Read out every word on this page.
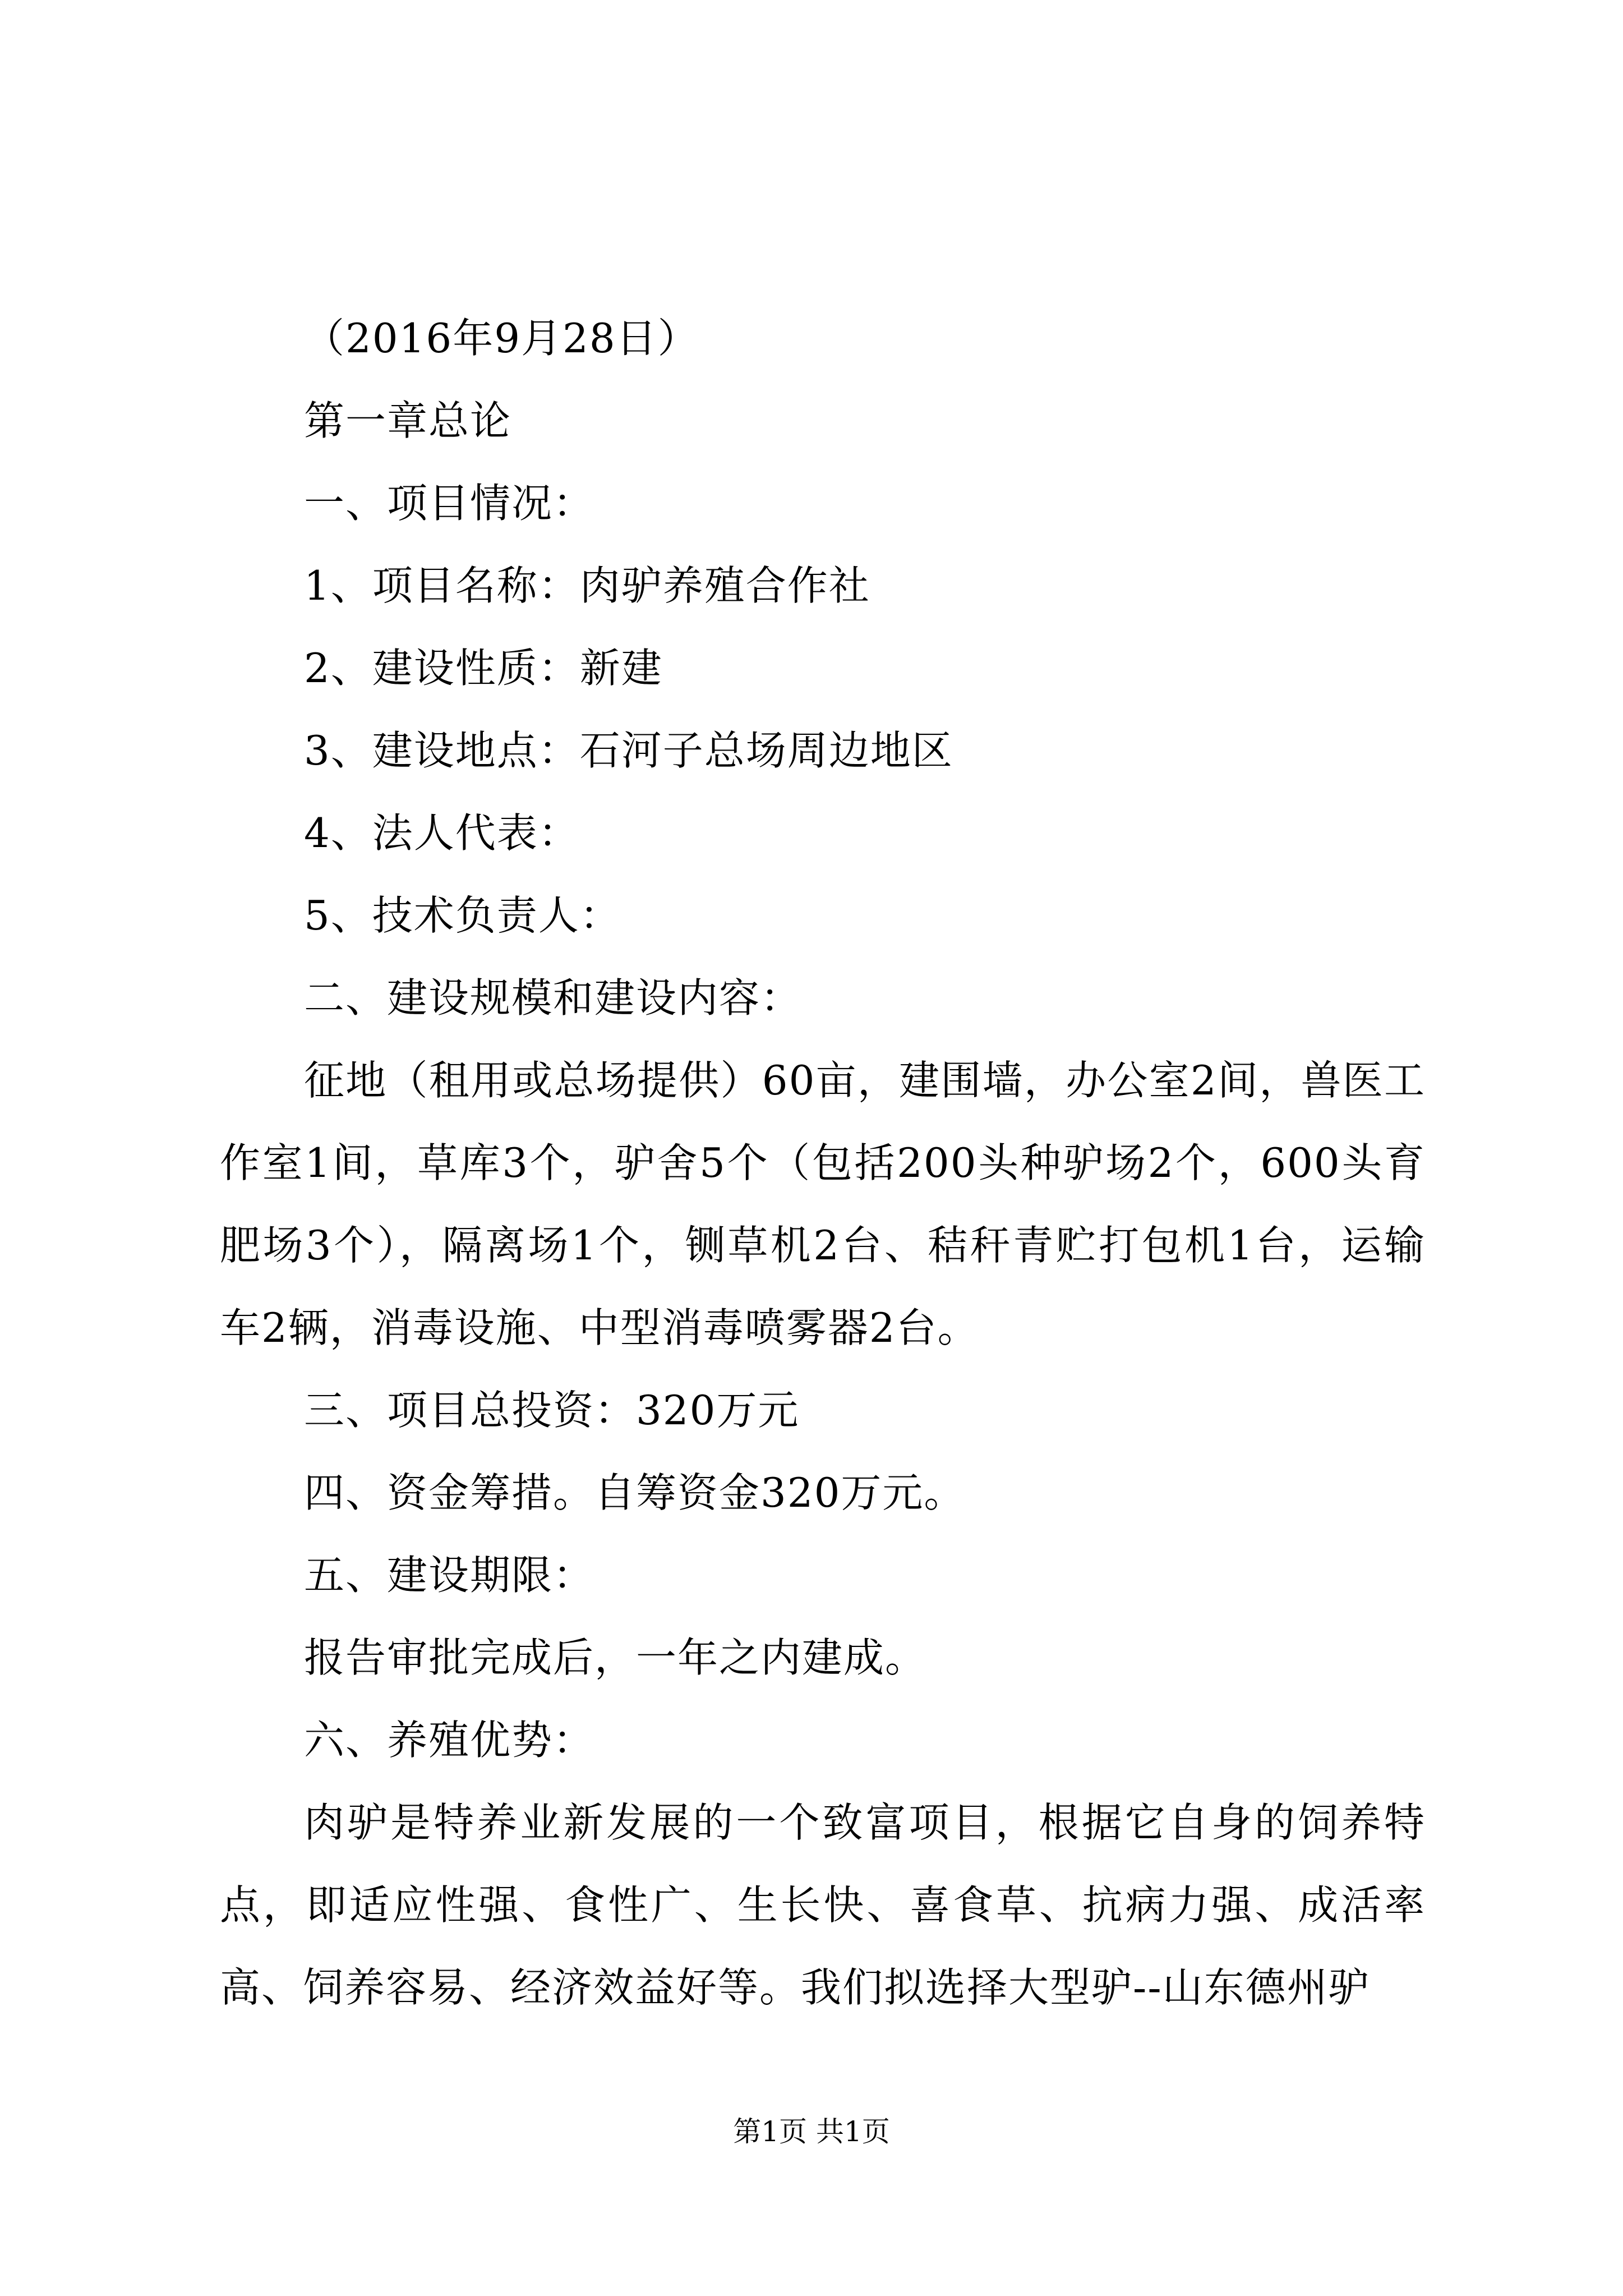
（2016年9月28日）
第一章总论
一、项目情况：
1、项目名称：肉驴养殖合作社
2、建设性质：新建
3、建设地点：石河子总场周边地区
4、法人代表：
5、技术负责人：
二、建设规模和建设内容：
征地（租用或总场提供）60亩，建围墙，办公室2间，兽医工作室1间，草库3个，驴舍5个（包括200头种驴场2个，600头育肥场3个），隔离场1个，铡草机2台、秸秆青贮打包机1台，运输车2辆，消毒设施、中型消毒喷雾器2台。
三、项目总投资：320万元
四、资金筹措。自筹资金320万元。
五、建设期限：
报告审批完成后，一年之内建成。
六、养殖优势：
肉驴是特养业新发展的一个致富项目，根据它自身的饲养特点，即适应性强、食性广、生长快、喜食草、抗病力强、成活率高、饲养容易、经济效益好等。我们拟选择大型驴--山东德州驴
第1页 共1页
